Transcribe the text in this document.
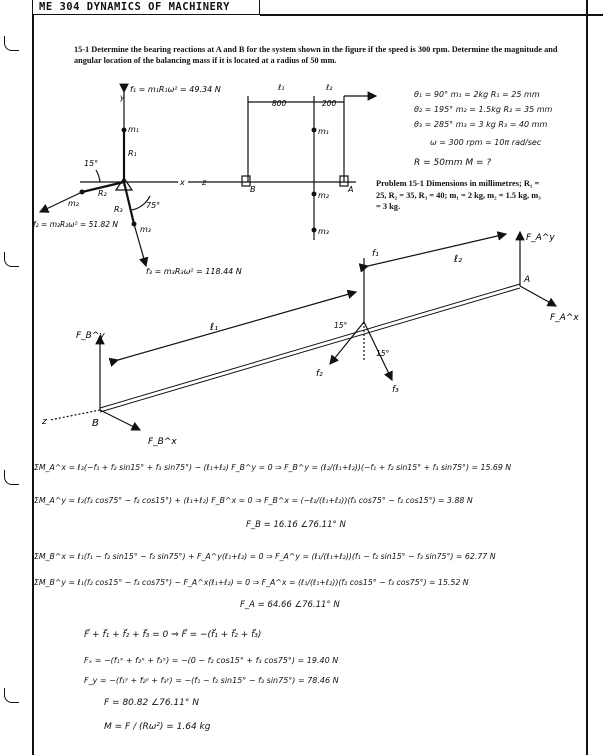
ME 304 DYNAMICS OF MACHINERY
15-1 Determine the bearing reactions at A and B for the system shown in the figure if the speed is 300 rpm. Determine the magnitude and angular location of the balancing mass if it is located at a radius of 50 mm.
θ₁ = 90° m₁ = 2kg R₁ = 25 mm
θ₂ = 195° m₂ = 1.5kg R₂ = 35 mm
θ₃ = 285° m₃ = 3 kg R₃ = 40 mm
ω = 300 rpm = 10π rad/sec
R = 50mm M = ?
Problem 15-1 Dimensions in millimetres; R₁ = 25, R₂ = 35, R₃ = 40; m₁ = 2 kg, m₂ = 1.5 kg, m₃ = 3 kg.
f₁ = m₁R₁ω² = 49.34 N
f₂ = m₂R₂ω² = 51.82 N
f₃ = m₃R₃ω² = 118.44 N
y
x
m₁
m₂
m₃
R₁
R₂
R₃
15°
75°
z
B	A
ℓ₁	ℓ₂
800	200
m₁
m₂
m₃
F_A^y
F_A^x
F_B^y
F_B^x
f₁
f₂
f₃
ℓ₁
ℓ₂
A
B
z
15°
15°
ΣM_A^x = ℓ₂(−f₁ + f₂ sin15° + f₃ sin75°) − (ℓ₁+ℓ₂) F_B^y = 0 ⇒ F_B^y = (ℓ₂/(ℓ₁+ℓ₂))(−f₁ + f₂ sin15° + f₃ sin75°) = 15.69 N
ΣM_A^y = ℓ₂(f₃ cos75° − f₂ cos15°) + (ℓ₁+ℓ₂) F_B^x = 0 ⇒ F_B^x = (−ℓ₂/(ℓ₁+ℓ₂))(f₃ cos75° − f₂ cos15°) = 3.88 N
F_B = 16.16 ∠76.11° N
ΣM_B^x = ℓ₁(f₁ − f₂ sin15° − f₃ sin75°) + F_A^y(ℓ₁+ℓ₂) = 0 ⇒ F_A^y = (ℓ₁/(ℓ₁+ℓ₂))(f₁ − f₂ sin15° − f₃ sin75°) = 62.77 N
ΣM_B^y = ℓ₁(f₂ cos15° − f₃ cos75°) − F_A^x(ℓ₁+ℓ₂) = 0 ⇒ F_A^x = (ℓ₁/(ℓ₁+ℓ₂))(f₂ cos15° − f₃ cos75°) = 15.52 N
F_A = 64.66 ∠76.11° N
F⃗ + f⃗₁ + f⃗₂ + f⃗₃ = 0 ⇒ F⃗ = −(f⃗₁ + f⃗₂ + f⃗₃)
Fₓ = −(f₁ˣ + f₂ˣ + f₃ˣ) = −(0 − f₂ cos15° + f₃ cos75°) = 19.40 N
F_y = −(f₁ʸ + f₂ʸ + f₃ʸ) = −(f₁ − f₂ sin15° − f₃ sin75°) = 78.46 N
F = 80.82 ∠76.11° N
M = F / (Rω²) = 1.64 kg
